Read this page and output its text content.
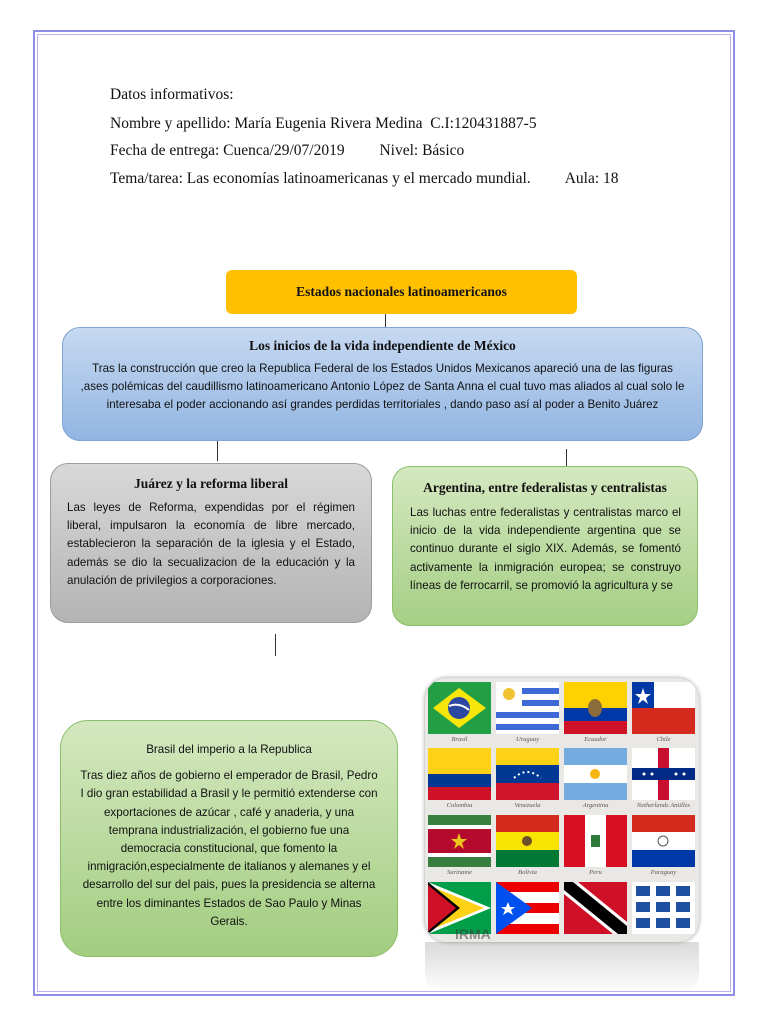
Datos informativos:
Nombre y apellido: María Eugenia Rivera Medina  C.I:120431887-5
Fecha de entrega: Cuenca/29/07/2019         Nivel: Básico
Tema/tarea: Las economías latinoamericanas y el mercado mundial.         Aula: 18
Estados nacionales latinoamericanos
Los inicios de la vida independiente de México
Tras la construcción que creo la Republica Federal de los Estados Unidos Mexicanos apareció una de las figuras ,ases polémicas del caudillismo latinoamericano Antonio López de Santa Anna el cual tuvo mas aliados al cual solo le interesaba el poder accionando así grandes perdidas territoriales , dando paso así al poder a Benito Juárez
Juárez y la reforma liberal
Las leyes de Reforma, expendidas por el régimen liberal, impulsaron la economía de libre mercado, establecieron la separación de la iglesia y el Estado, además se dio la secualizacion de la educación y la anulación de privilegios a corporaciones.
Argentina, entre federalistas y centralistas
Las luchas entre federalistas y centralistas marco el inicio de la vida independiente argentina que se continuo durante el siglo XIX. Además, se fomentó activamente la inmigración europea; se construyo líneas de ferrocarril, se promovió la agricultura y se
Brasil del imperio a la Republica
Tras diez años de gobierno el emperador de Brasil, Pedro I dio gran estabilidad a Brasil y le permitió extenderse con exportaciones de azúcar , café y anaderia, y una temprana industrialización, el gobierno fue una democracia constitucional, que fomento la inmigración,especialmente de italianos y alemanes y el desarrollo del sur del pais, pues la presidencia se alterna entre los diminantes Estados de Sao Paulo y Minas Gerais.
Brasil	Uruguay	Ecuador	Chile
Colombia	Venezuela	Argentina	Netherlands Antilles
Suriname	Bolivia	Peru	Paraguay
IRMA
